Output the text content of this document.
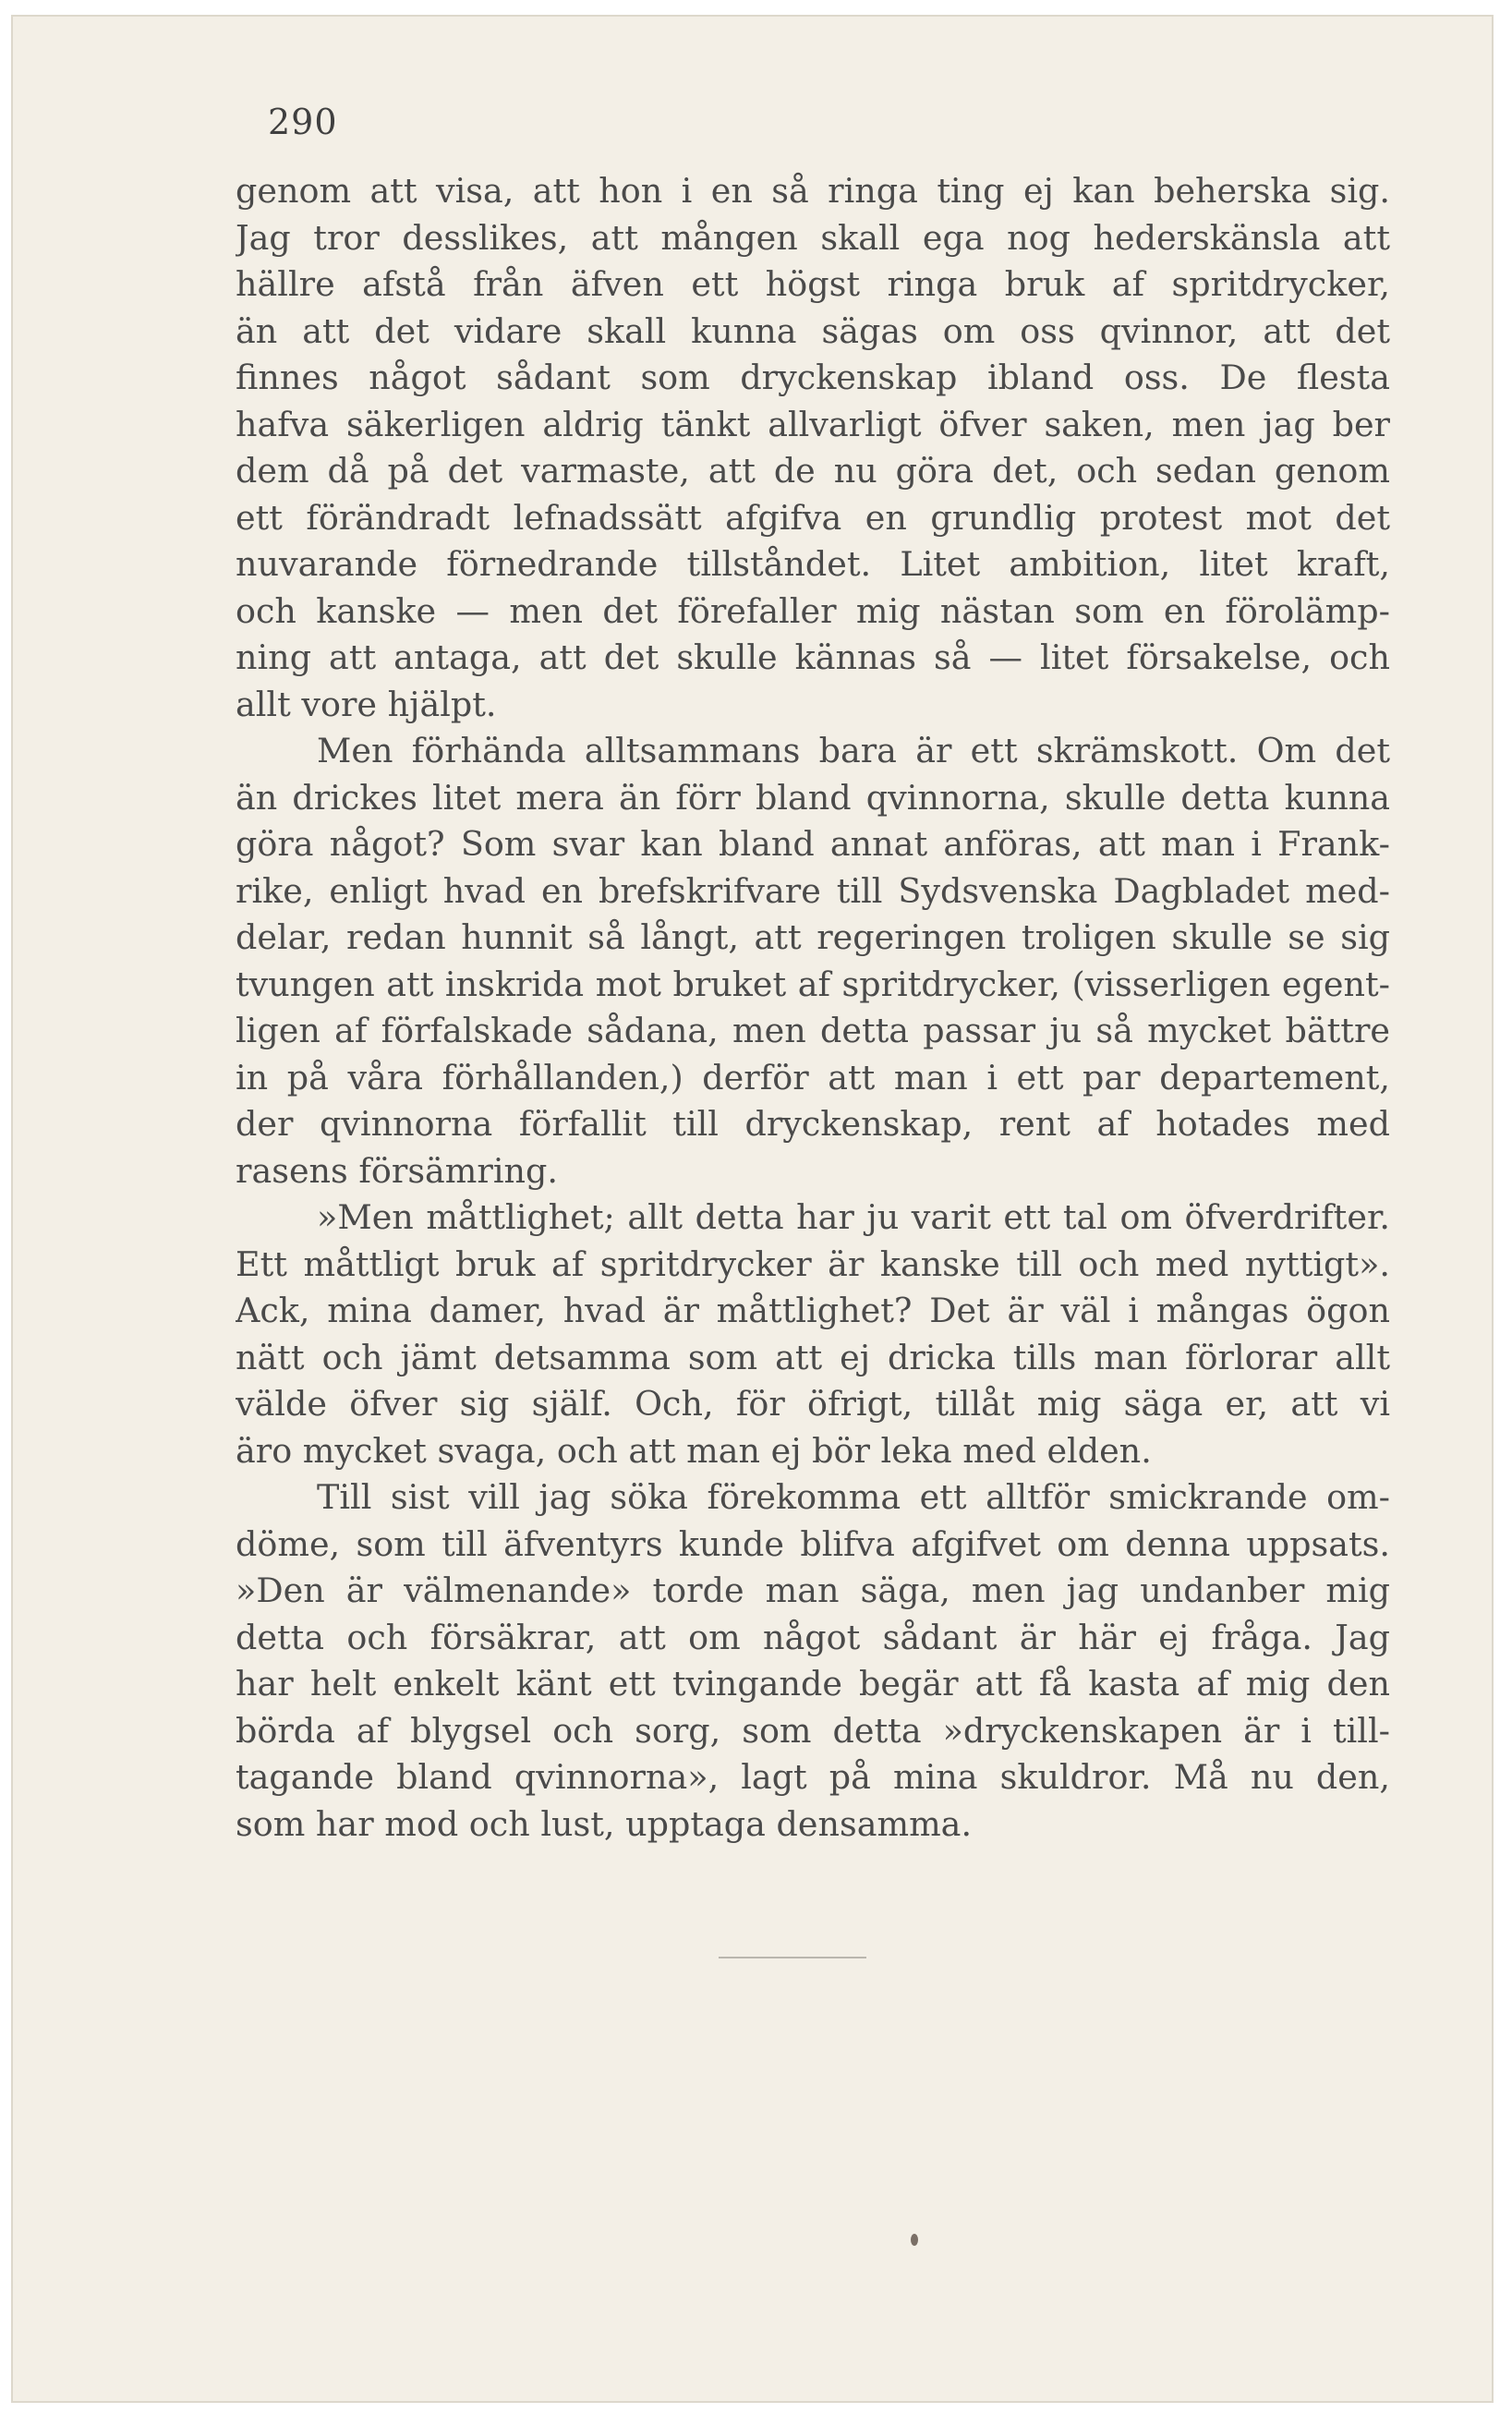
290
genom att visa, att hon i en så ringa ting ej kan beherska sig.
Jag tror desslikes, att mången skall ega nog hederskänsla att
hällre afstå från äfven ett högst ringa bruk af spritdrycker,
än att det vidare skall kunna sägas om oss qvinnor, att det
finnes något sådant som dryckenskap ibland oss. De flesta
hafva säkerligen aldrig tänkt allvarligt öfver saken, men jag ber
dem då på det varmaste, att de nu göra det, och sedan genom
ett förändradt lefnadssätt afgifva en grundlig protest mot det
nuvarande förnedrande tillståndet. Litet ambition, litet kraft,
och kanske — men det förefaller mig nästan som en förolämp-
ning att antaga, att det skulle kännas så — litet försakelse, och
allt vore hjälpt.
Men förhända alltsammans bara är ett skrämskott. Om det
än drickes litet mera än förr bland qvinnorna, skulle detta kunna
göra något? Som svar kan bland annat anföras, att man i Frank-
rike, enligt hvad en brefskrifvare till Sydsvenska Dagbladet med-
delar, redan hunnit så långt, att regeringen troligen skulle se sig
tvungen att inskrida mot bruket af spritdrycker, (visserligen egent-
ligen af förfalskade sådana, men detta passar ju så mycket bättre
in på våra förhållanden,) derför att man i ett par departement,
der qvinnorna förfallit till dryckenskap, rent af hotades med
rasens försämring.
»Men måttlighet; allt detta har ju varit ett tal om öfverdrifter.
Ett måttligt bruk af spritdrycker är kanske till och med nyttigt».
Ack, mina damer, hvad är måttlighet? Det är väl i mångas ögon
nätt och jämt detsamma som att ej dricka tills man förlorar allt
välde öfver sig själf. Och, för öfrigt, tillåt mig säga er, att vi
äro mycket svaga, och att man ej bör leka med elden.
Till sist vill jag söka förekomma ett alltför smickrande om-
döme, som till äfventyrs kunde blifva afgifvet om denna uppsats.
»Den är välmenande» torde man säga, men jag undanber mig
detta och försäkrar, att om något sådant är här ej fråga. Jag
har helt enkelt känt ett tvingande begär att få kasta af mig den
börda af blygsel och sorg, som detta »dryckenskapen är i till-
tagande bland qvinnorna», lagt på mina skuldror. Må nu den,
som har mod och lust, upptaga densamma.
